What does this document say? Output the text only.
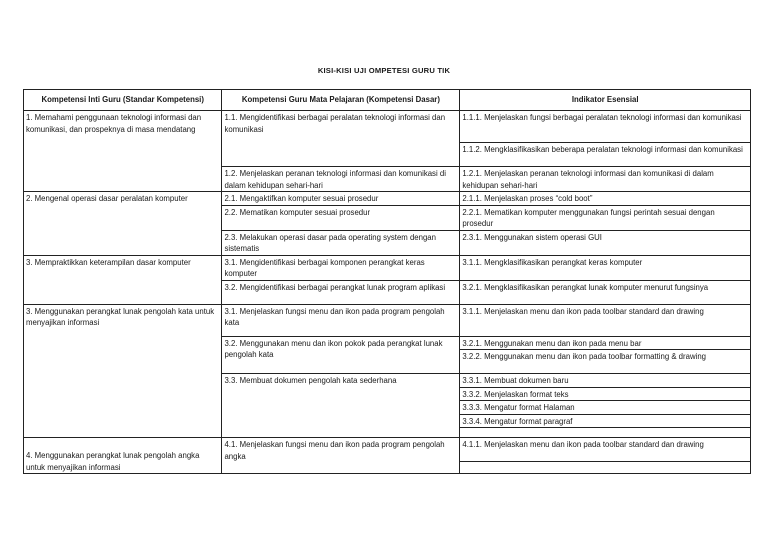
KISI-KISI UJI OMPETESI GURU TIK
Kompetensi Inti Guru (Standar Kompetensi)	Kompetensi Guru Mata Pelajaran (Kompetensi Dasar)	Indikator Esensial
1. Memahami penggunaan teknologi informasi dan komunikasi, dan prospeknya di masa mendatang	1.1. Mengidentifikasi berbagai peralatan teknologi informasi dan komunikasi	1.1.1. Menjelaskan fungsi berbagai peralatan teknologi informasi dan komunikasi
		1.1.2. Mengklasifikasikan beberapa peralatan teknologi informasi dan komunikasi
	1.2. Menjelaskan peranan teknologi informasi dan komunikasi di dalam kehidupan sehari-hari	1.2.1. Menjelaskan peranan teknologi informasi dan komunikasi di dalam kehidupan sehari-hari
2. Mengenal operasi dasar peralatan komputer	2.1. Mengaktifkan komputer sesuai prosedur	2.1.1. Menjelaskan proses “cold boot”
	2.2. Mematikan komputer sesuai prosedur	2.2.1. Mematikan komputer menggunakan fungsi perintah sesuai dengan prosedur
	2.3. Melakukan operasi dasar pada operating system dengan sistematis	2.3.1. Menggunakan sistem operasi GUI
3. Mempraktikkan keterampilan dasar komputer	3.1. Mengidentifikasi berbagai komponen perangkat keras komputer	3.1.1. Mengklasifikasikan perangkat keras komputer
	3.2. Mengidentifikasi berbagai perangkat lunak program aplikasi	3.2.1. Mengklasifikasikan perangkat lunak komputer menurut fungsinya
3. Menggunakan perangkat lunak pengolah kata untuk menyajikan informasi	3.1. Menjelaskan fungsi menu dan ikon pada program pengolah kata	3.1.1. Menjelaskan menu dan ikon pada toolbar standard dan drawing
	3.2. Menggunakan menu dan ikon pokok pada perangkat lunak pengolah kata	3.2.1. Menggunakan menu dan ikon pada menu bar
		3.2.2. Menggunakan menu dan ikon pada toolbar formatting & drawing
	3.3. Membuat dokumen pengolah kata sederhana	3.3.1. Membuat dokumen baru
		3.3.2. Menjelaskan format teks
		3.3.3. Mengatur format Halaman
		3.3.4. Mengatur format paragraf

4. Menggunakan perangkat lunak pengolah angka untuk menyajikan informasi	4.1. Menjelaskan fungsi menu dan ikon pada program pengolah angka	4.1.1. Menjelaskan menu dan ikon pada toolbar standard dan drawing
